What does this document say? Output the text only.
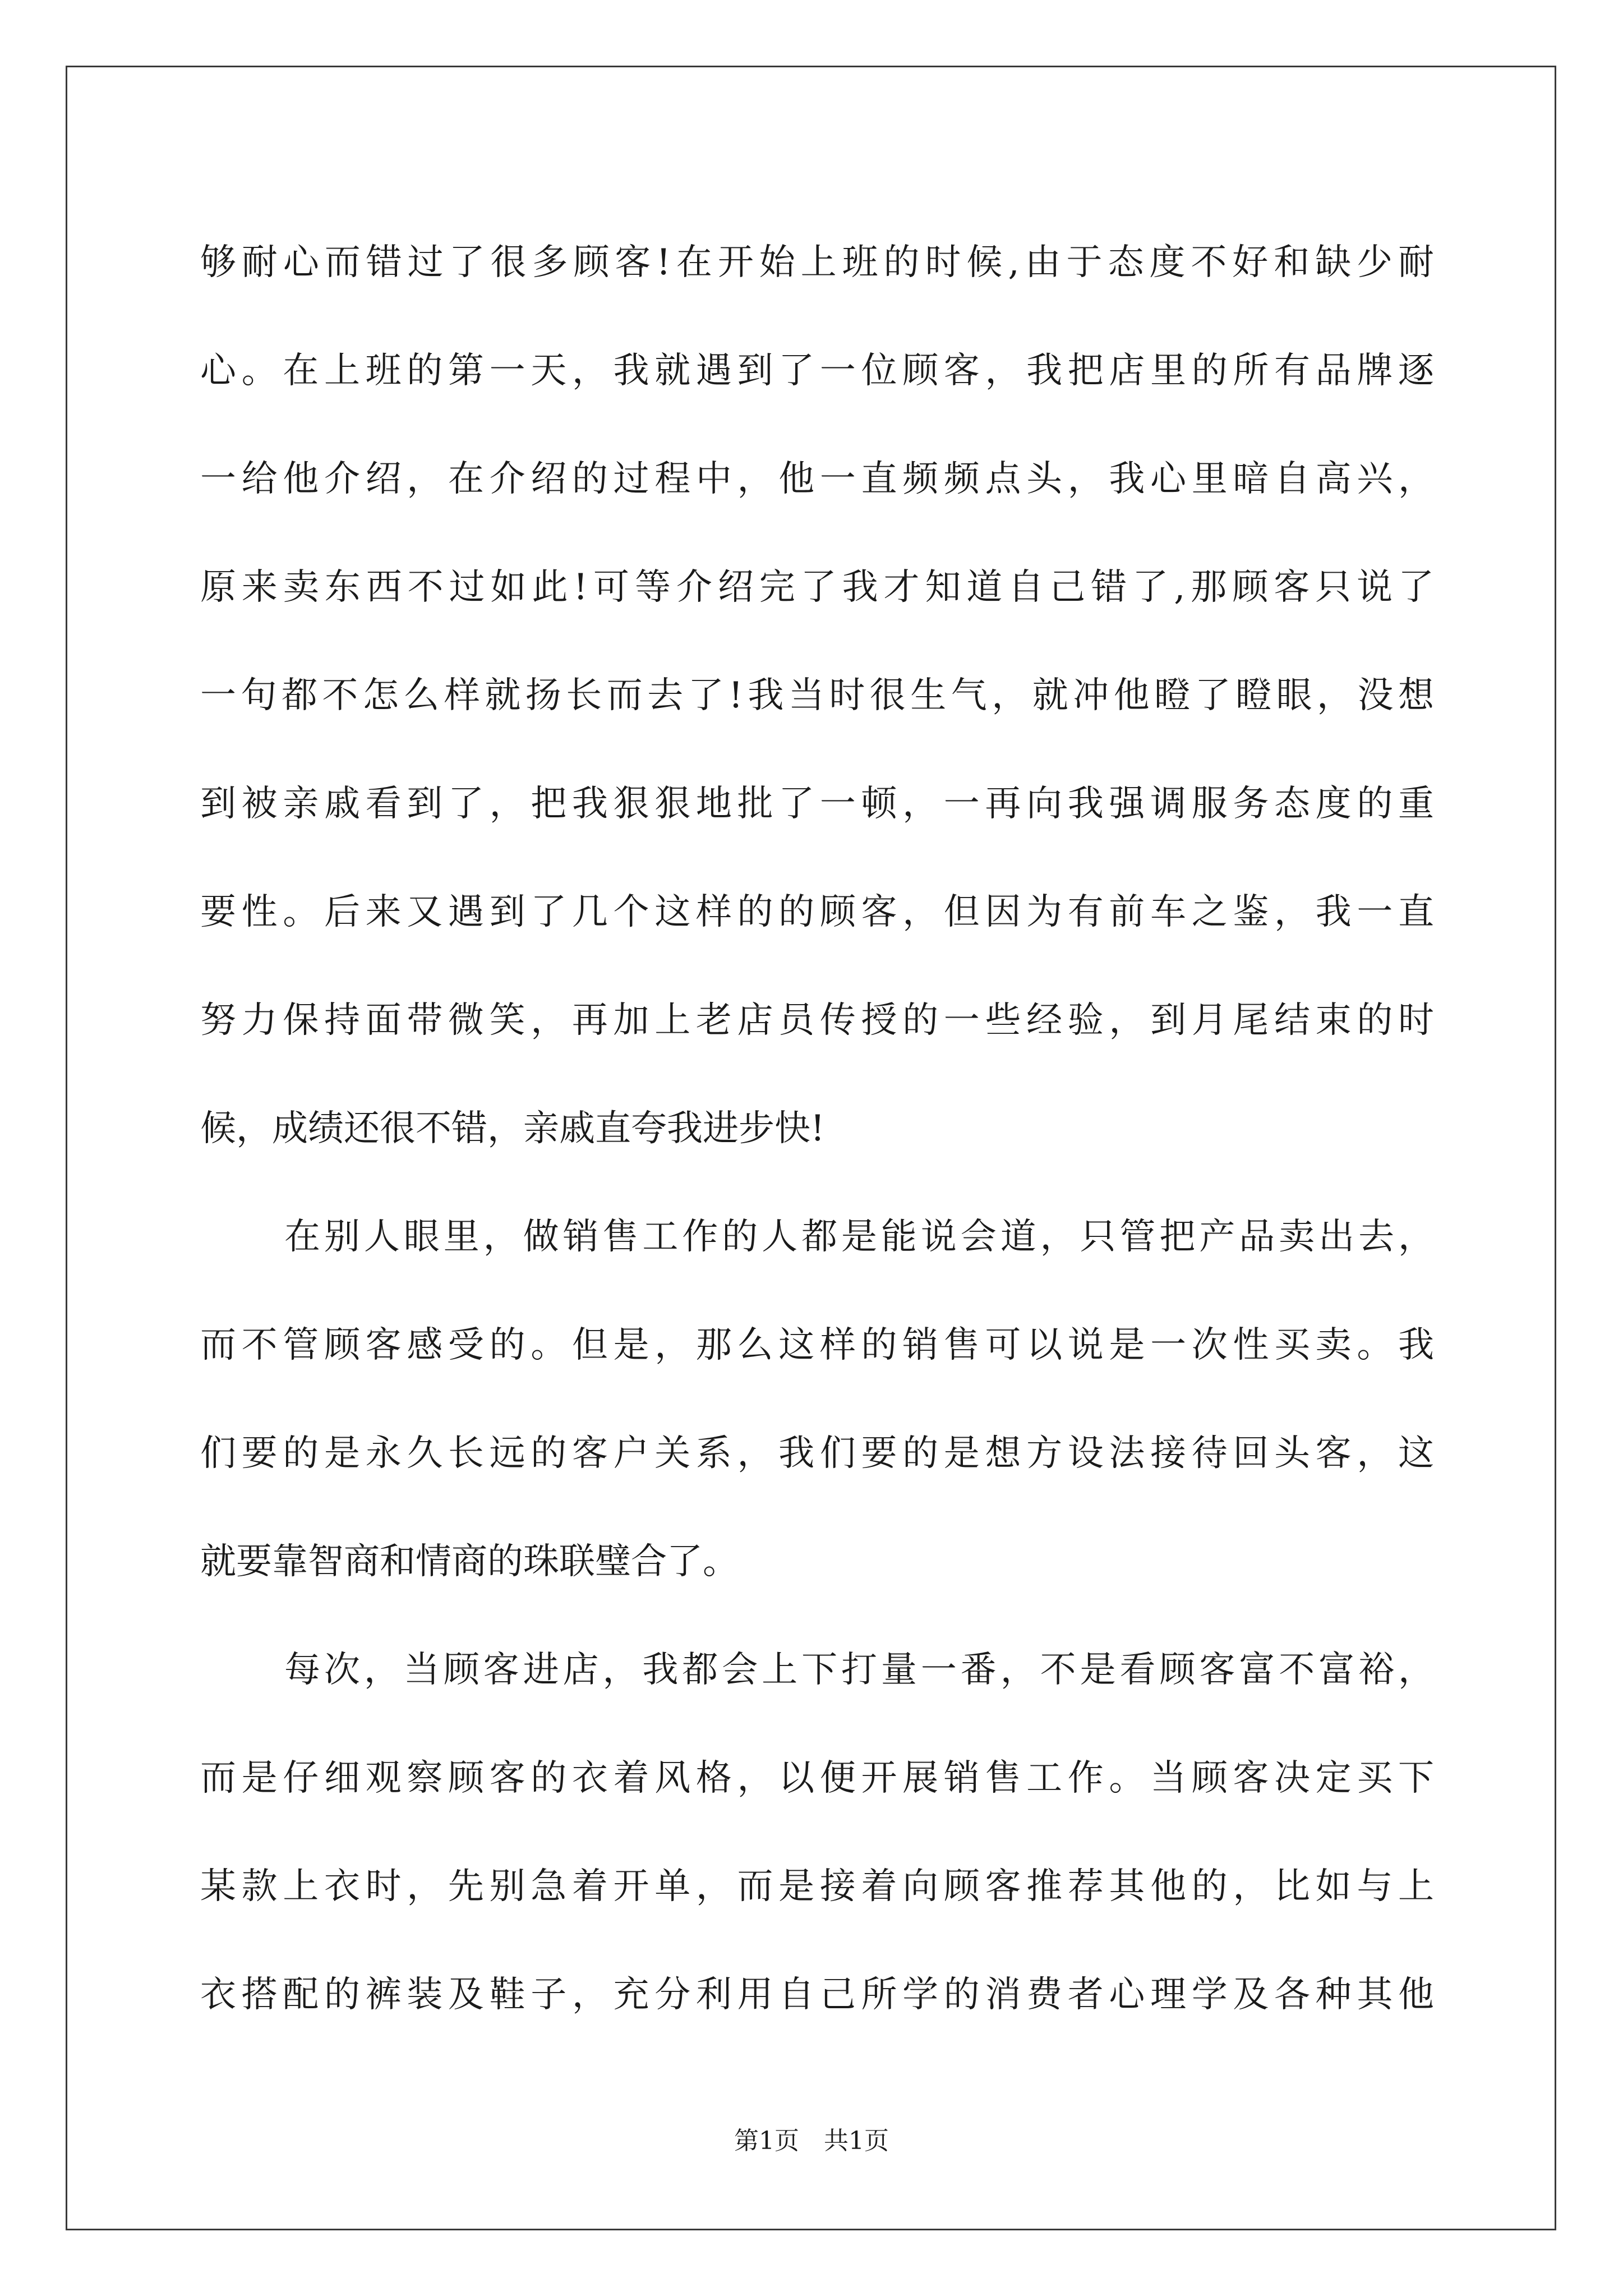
够耐心而错过了很多顾客!在开始上班的时候,由于态度不好和缺少耐
心。在上班的第一天，我就遇到了一位顾客，我把店里的所有品牌逐
一给他介绍，在介绍的过程中，他一直频频点头，我心里暗自高兴，
原来卖东西不过如此!可等介绍完了我才知道自己错了,那顾客只说了
一句都不怎么样就扬长而去了!我当时很生气，就冲他瞪了瞪眼，没想
到被亲戚看到了，把我狠狠地批了一顿，一再向我强调服务态度的重
要性。后来又遇到了几个这样的的顾客，但因为有前车之鉴，我一直
努力保持面带微笑，再加上老店员传授的一些经验，到月尾结束的时
候，成绩还很不错，亲戚直夸我进步快!
在别人眼里，做销售工作的人都是能说会道，只管把产品卖出去，
而不管顾客感受的。但是，那么这样的销售可以说是一次性买卖。我
们要的是永久长远的客户关系，我们要的是想方设法接待回头客，这
就要靠智商和情商的珠联璧合了。
每次，当顾客进店，我都会上下打量一番，不是看顾客富不富裕，
而是仔细观察顾客的衣着风格，以便开展销售工作。当顾客决定买下
某款上衣时，先别急着开单，而是接着向顾客推荐其他的，比如与上
衣搭配的裤装及鞋子，充分利用自己所学的消费者心理学及各种其他
第1页　共1页
